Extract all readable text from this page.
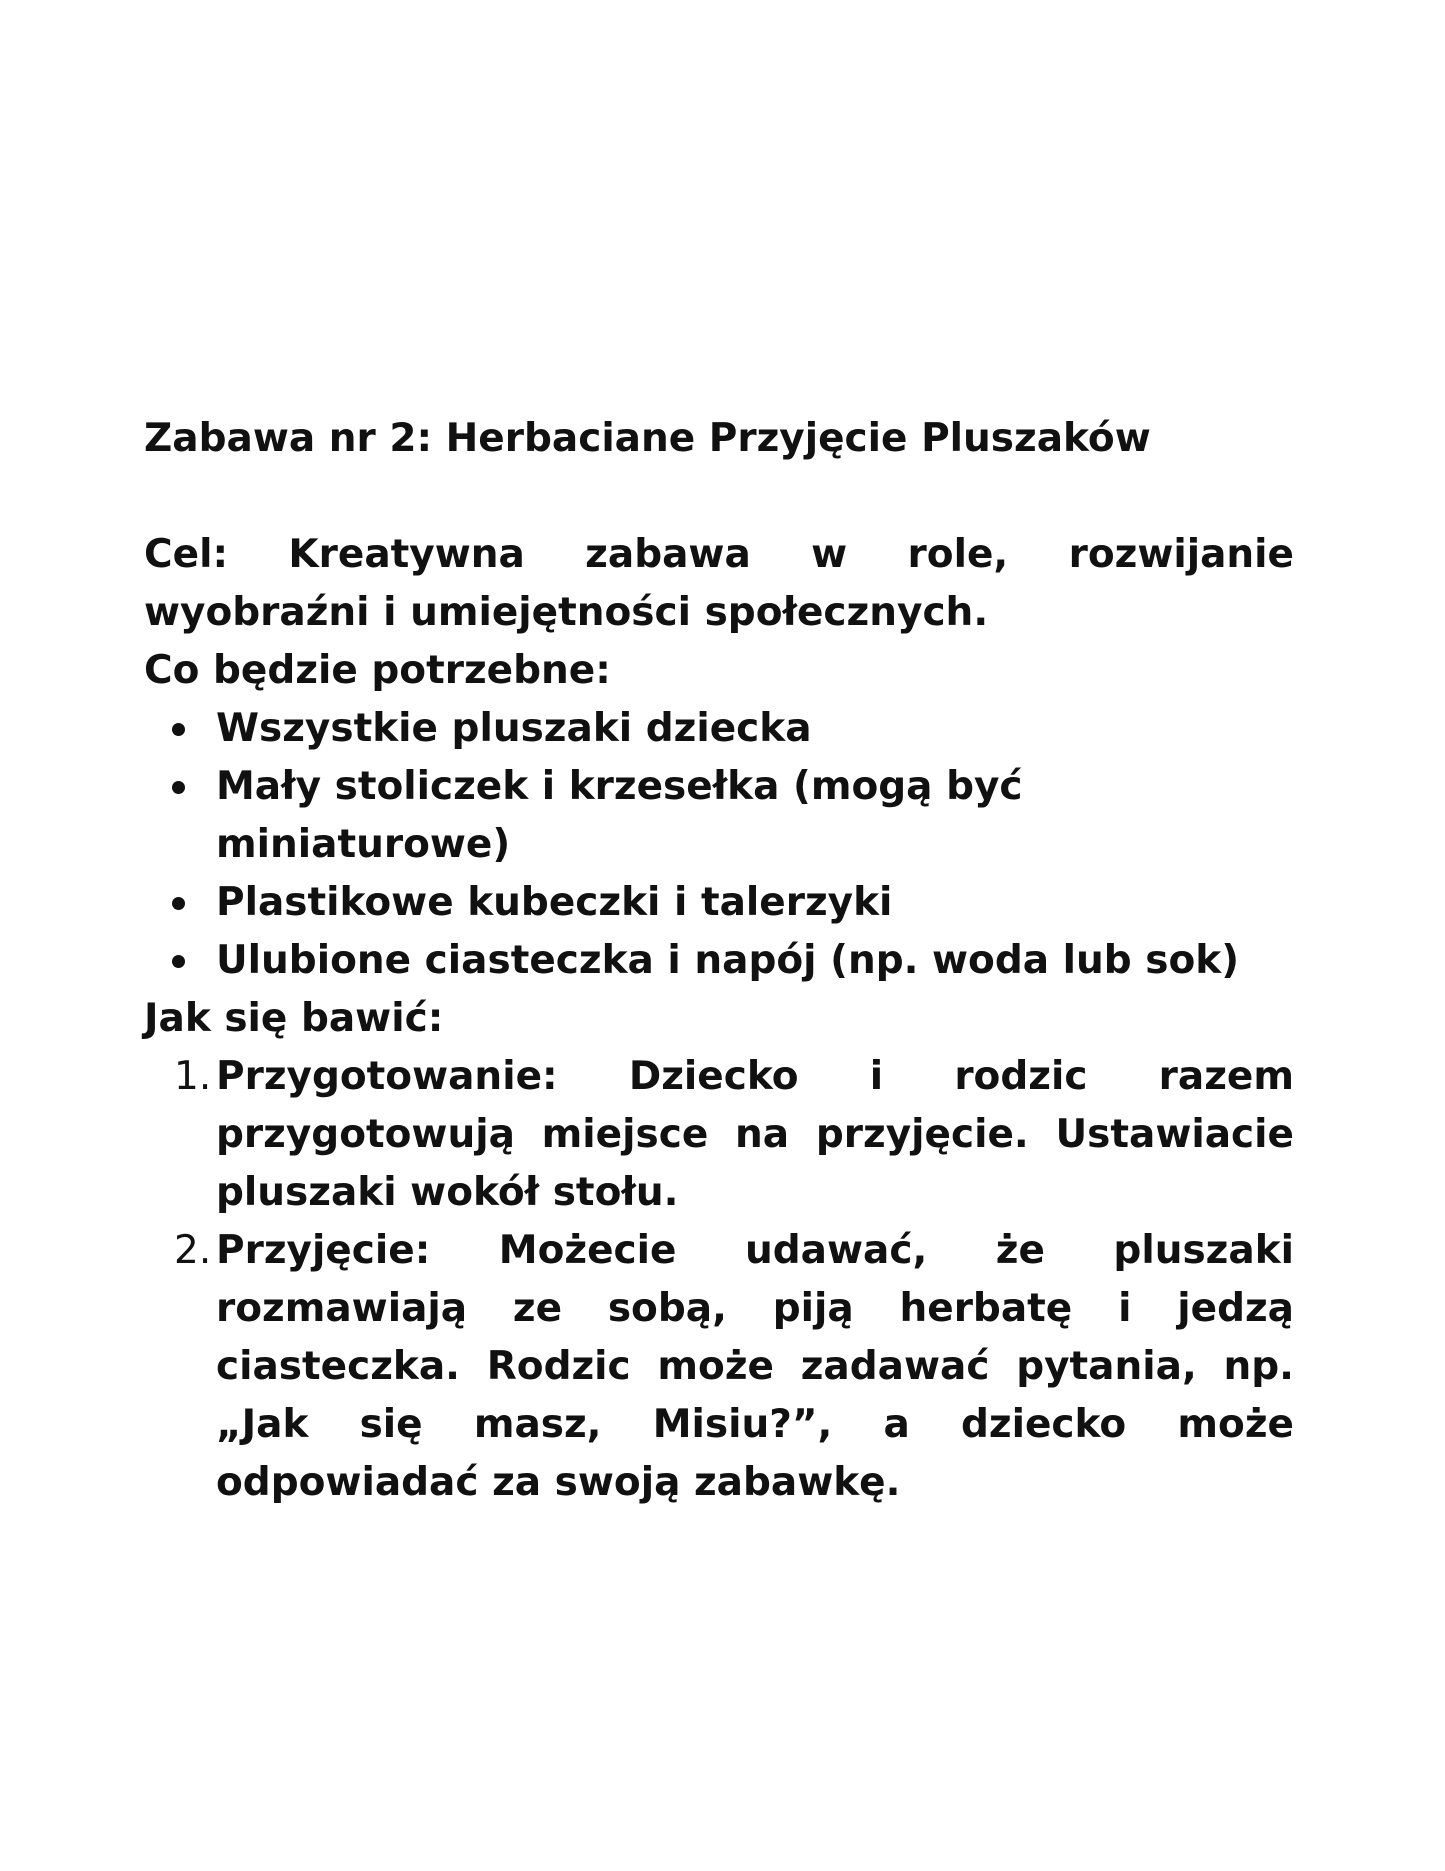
Zabawa nr 2: Herbaciane Przyjęcie Pluszaków

Cel: Kreatywna zabawa w role, rozwijanie wyobraźni i umiejętności społecznych.

Co będzie potrzebne:

Wszystkie pluszaki dziecka
Mały stoliczek i krzesełka (mogą być miniaturowe)
Plastikowe kubeczki i talerzyki
Ulubione ciasteczka i napój (np. woda lub sok)

Jak się bawić:

1. Przygotowanie: Dziecko i rodzic razem przygotowują miejsce na przyjęcie. Ustawiacie pluszaki wokół stołu.
2. Przyjęcie: Możecie udawać, że pluszaki rozmawiają ze sobą, piją herbatę i jedzą ciasteczka. Rodzic może zadawać pytania, np. „Jak się masz, Misiu?”, a dziecko może odpowiadać za swoją zabawkę.
